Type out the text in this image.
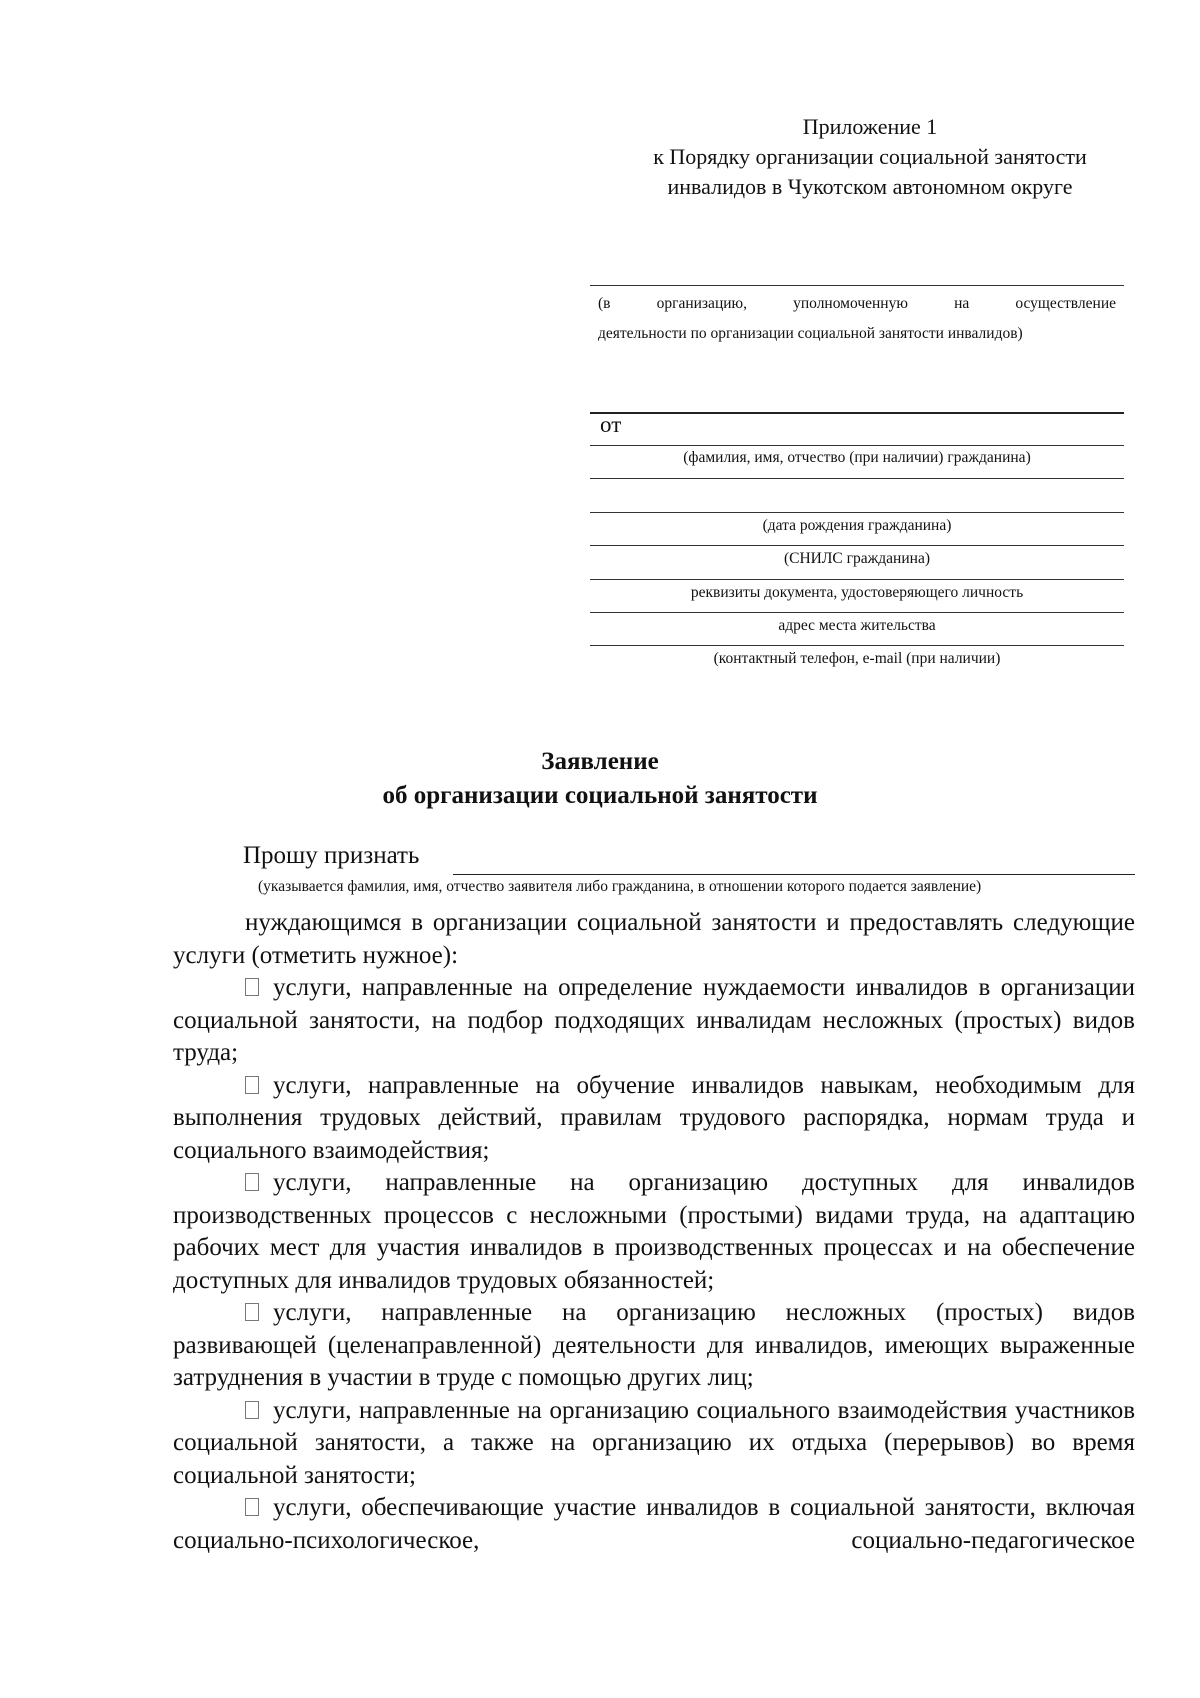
Приложение 1
к Порядку организации социальной занятости
инвалидов в Чукотском автономном округе
(в	организацию,	уполномоченную	на	осуществление
деятельности по организации социальной занятости инвалидов)
от
(фамилия, имя, отчество (при наличии) гражданина)
(дата рождения гражданина)
(СНИЛС гражданина)
реквизиты документа, удостоверяющего личность
адрес места жительства
(контактный телефон, e-mail (при наличии)
Заявление
об организации социальной занятости
Прошу признать
(указывается фамилия, имя, отчество заявителя либо гражданина, в отношении которого подается заявление)

нуждающимся в организации социальной занятости и предоставлять следующие услуги (отметить нужное):

услуги, направленные на определение нуждаемости инвалидов в организации социальной занятости, на подбор подходящих инвалидам несложных (простых) видов труда;

услуги, направленные на обучение инвалидов навыкам, необходимым для выполнения трудовых действий, правилам трудового распорядка, нормам труда и социального взаимодействия;

услуги, направленные на организацию доступных для инвалидов производственных процессов с несложными (простыми) видами труда, на адаптацию рабочих мест для участия инвалидов в производственных процессах и на обеспечение доступных для инвалидов трудовых обязанностей;

услуги, направленные на организацию несложных (простых) видов развивающей (целенаправленной) деятельности для инвалидов, имеющих выраженные затруднения в участии в труде с помощью других лиц;

услуги, направленные на организацию социального взаимодействия участников социальной занятости, а также на организацию их отдыха (перерывов) во время социальной занятости;

услуги, обеспечивающие участие инвалидов в социальной занятости, включая социально-психологическое, социально-педагогическое
